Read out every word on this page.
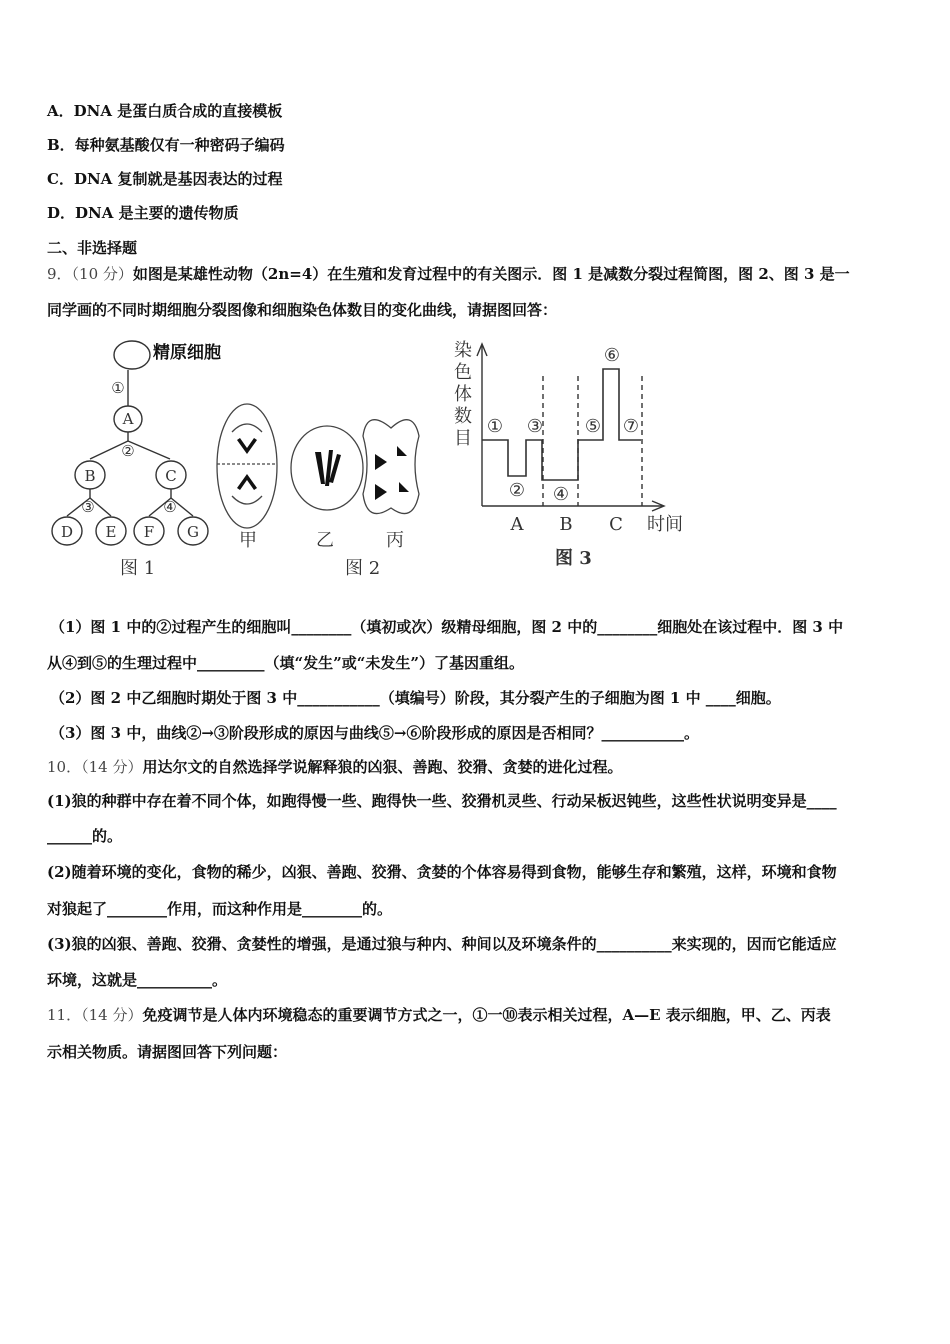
A．DNA 是蛋白质合成的直接模板
B．每种氨基酸仅有一种密码子编码
C．DNA 复制就是基因表达的过程
D．DNA 是主要的遗传物质
二、非选择题
9．（10 分）如图是某雄性动物（2n=4）在生殖和发育过程中的有关图示．图 1 是减数分裂过程简图，图 2、图 3 是一
同学画的不同时期细胞分裂图像和细胞染色体数目的变化曲线，请据图回答：
精原细胞
①
A
②
B	C
③	④
D E F G
图 1
甲	乙	丙
图 2
染
色
体
数
目
①
②
③
④
⑤
⑥
⑦
A B C 时间
图 3
（1）图 1 中的②过程产生的细胞叫________（填初或次）级精母细胞，图 2 中的________细胞处在该过程中．图 3 中
从④到⑤的生理过程中_________（填“发生”或“未发生”）了基因重组。
（2）图 2 中乙细胞时期处于图 3 中___________（填编号）阶段，其分裂产生的子细胞为图 1 中 ____细胞。
（3）图 3 中，曲线②→③阶段形成的原因与曲线⑤→⑥阶段形成的原因是否相同？___________。
10．（14 分）用达尔文的自然选择学说解释狼的凶狠、善跑、狡猾、贪婪的进化过程。
(1)狼的种群中存在着不同个体，如跑得慢一些、跑得快一些、狡猾机灵些、行动呆板迟钝些，这些性状说明变异是____
______的。
(2)随着环境的变化，食物的稀少，凶狠、善跑、狡猾、贪婪的个体容易得到食物，能够生存和繁殖，这样，环境和食物
对狼起了________作用，而这种作用是________的。
(3)狼的凶狠、善跑、狡猾、贪婪性的增强，是通过狼与种内、种间以及环境条件的__________来实现的，因而它能适应
环境，这就是__________。
11．（14 分）免疫调节是人体内环境稳态的重要调节方式之一，①一⑩表示相关过程，A—E 表示细胞，甲、乙、丙表
示相关物质。请据图回答下列问题：
